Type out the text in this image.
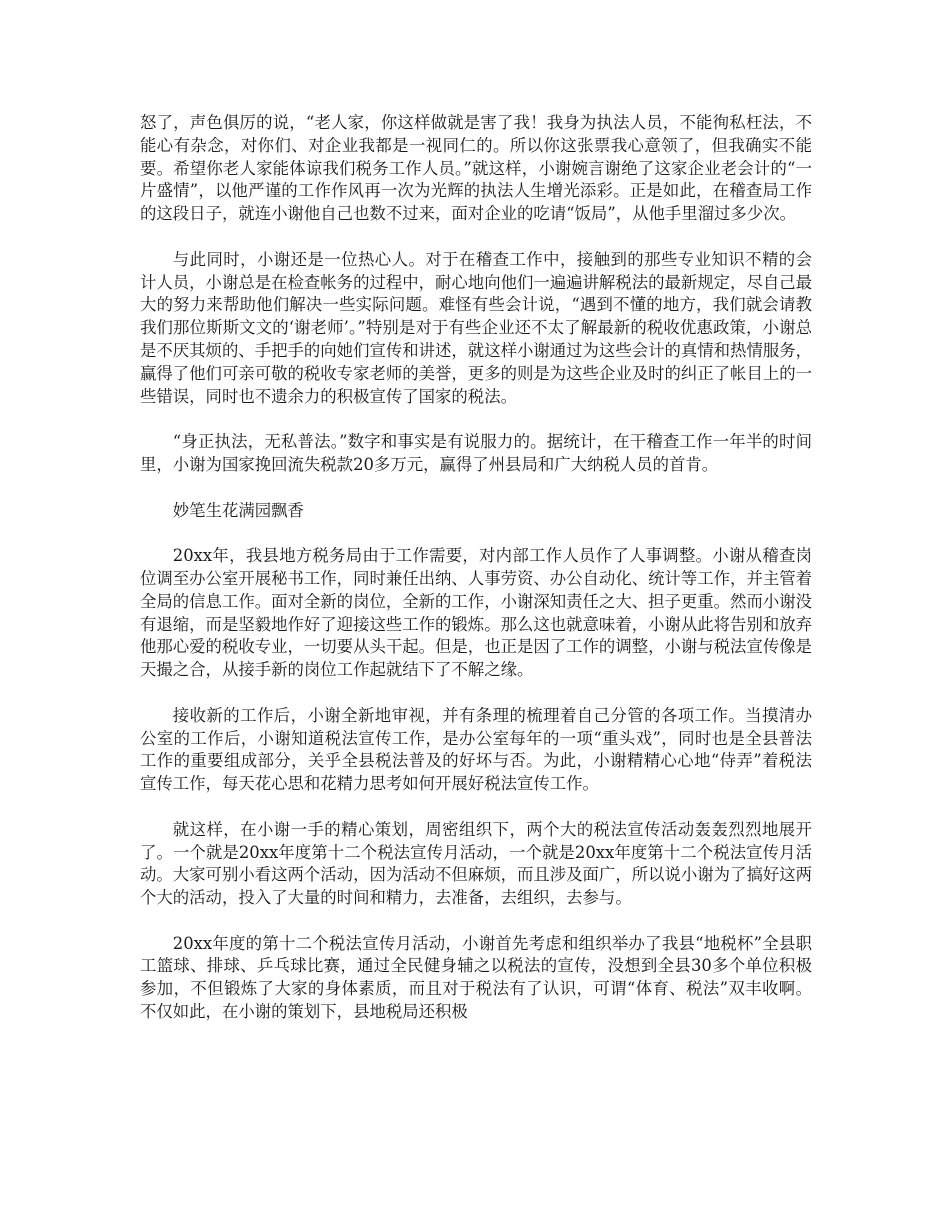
怒了，声色俱厉的说，“老人家，你这样做就是害了我！我身为执法人员，不能徇私枉法，不能心有杂念，对你们、对企业我都是一视同仁的。所以你这张票我心意领了，但我确实不能要。希望你老人家能体谅我们税务工作人员。”就这样，小谢婉言谢绝了这家企业老会计的“一片盛情”，以他严谨的工作作风再一次为光辉的执法人生增光添彩。正是如此，在稽查局工作的这段日子，就连小谢他自己也数不过来，面对企业的吃请“饭局”，从他手里溜过多少次。

与此同时，小谢还是一位热心人。对于在稽查工作中，接触到的那些专业知识不精的会计人员，小谢总是在检查帐务的过程中，耐心地向他们一遍遍讲解税法的最新规定，尽自己最大的努力来帮助他们解决一些实际问题。难怪有些会计说，“遇到不懂的地方，我们就会请教我们那位斯斯文文的‘谢老师’。”特别是对于有些企业还不太了解最新的税收优惠政策，小谢总是不厌其烦的、手把手的向她们宣传和讲述，就这样小谢通过为这些会计的真情和热情服务，赢得了他们可亲可敬的税收专家老师的美誉，更多的则是为这些企业及时的纠正了帐目上的一些错误，同时也不遗余力的积极宣传了国家的税法。

“身正执法，无私普法。”数字和事实是有说服力的。据统计，在干稽查工作一年半的时间里，小谢为国家挽回流失税款20多万元，赢得了州县局和广大纳税人员的首肯。

妙笔生花满园飘香

20xx年，我县地方税务局由于工作需要，对内部工作人员作了人事调整。小谢从稽查岗位调至办公室开展秘书工作，同时兼任出纳、人事劳资、办公自动化、统计等工作，并主管着全局的信息工作。面对全新的岗位，全新的工作，小谢深知责任之大、担子更重。然而小谢没有退缩，而是坚毅地作好了迎接这些工作的锻炼。那么这也就意味着，小谢从此将告别和放弃他那心爱的税收专业，一切要从头干起。但是，也正是因了工作的调整，小谢与税法宣传像是天撮之合，从接手新的岗位工作起就结下了不解之缘。

接收新的工作后，小谢全新地审视，并有条理的梳理着自己分管的各项工作。当摸清办公室的工作后，小谢知道税法宣传工作，是办公室每年的一项“重头戏”，同时也是全县普法工作的重要组成部分，关乎全县税法普及的好坏与否。为此，小谢精精心心地“侍弄”着税法宣传工作，每天花心思和花精力思考如何开展好税法宣传工作。

就这样，在小谢一手的精心策划，周密组织下，两个大的税法宣传活动轰轰烈烈地展开了。一个就是20xx年度第十二个税法宣传月活动，一个就是20xx年度第十二个税法宣传月活动。大家可别小看这两个活动，因为活动不但麻烦，而且涉及面广，所以说小谢为了搞好这两个大的活动，投入了大量的时间和精力，去准备，去组织，去参与。

20xx年度的第十二个税法宣传月活动，小谢首先考虑和组织举办了我县“地税杯”全县职工篮球、排球、乒乓球比赛，通过全民健身辅之以税法的宣传，没想到全县30多个单位积极参加，不但锻炼了大家的身体素质，而且对于税法有了认识，可谓“体育、税法”双丰收啊。不仅如此，在小谢的策划下，县地税局还积极
